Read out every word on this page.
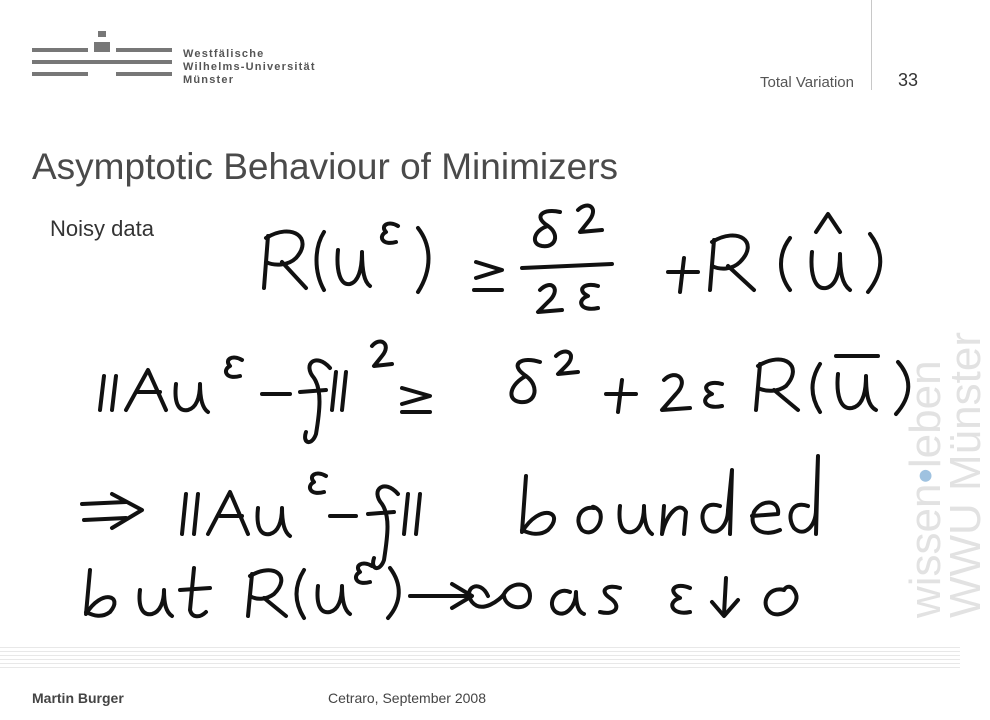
Westfälische
Wilhelms-Universität
Münster	Total Variation 33
Asymptotic Behaviour of Minimizers
Noisy data
wissen•leben
WWU Münster
Martin Burger	Cetraro, September 2008
